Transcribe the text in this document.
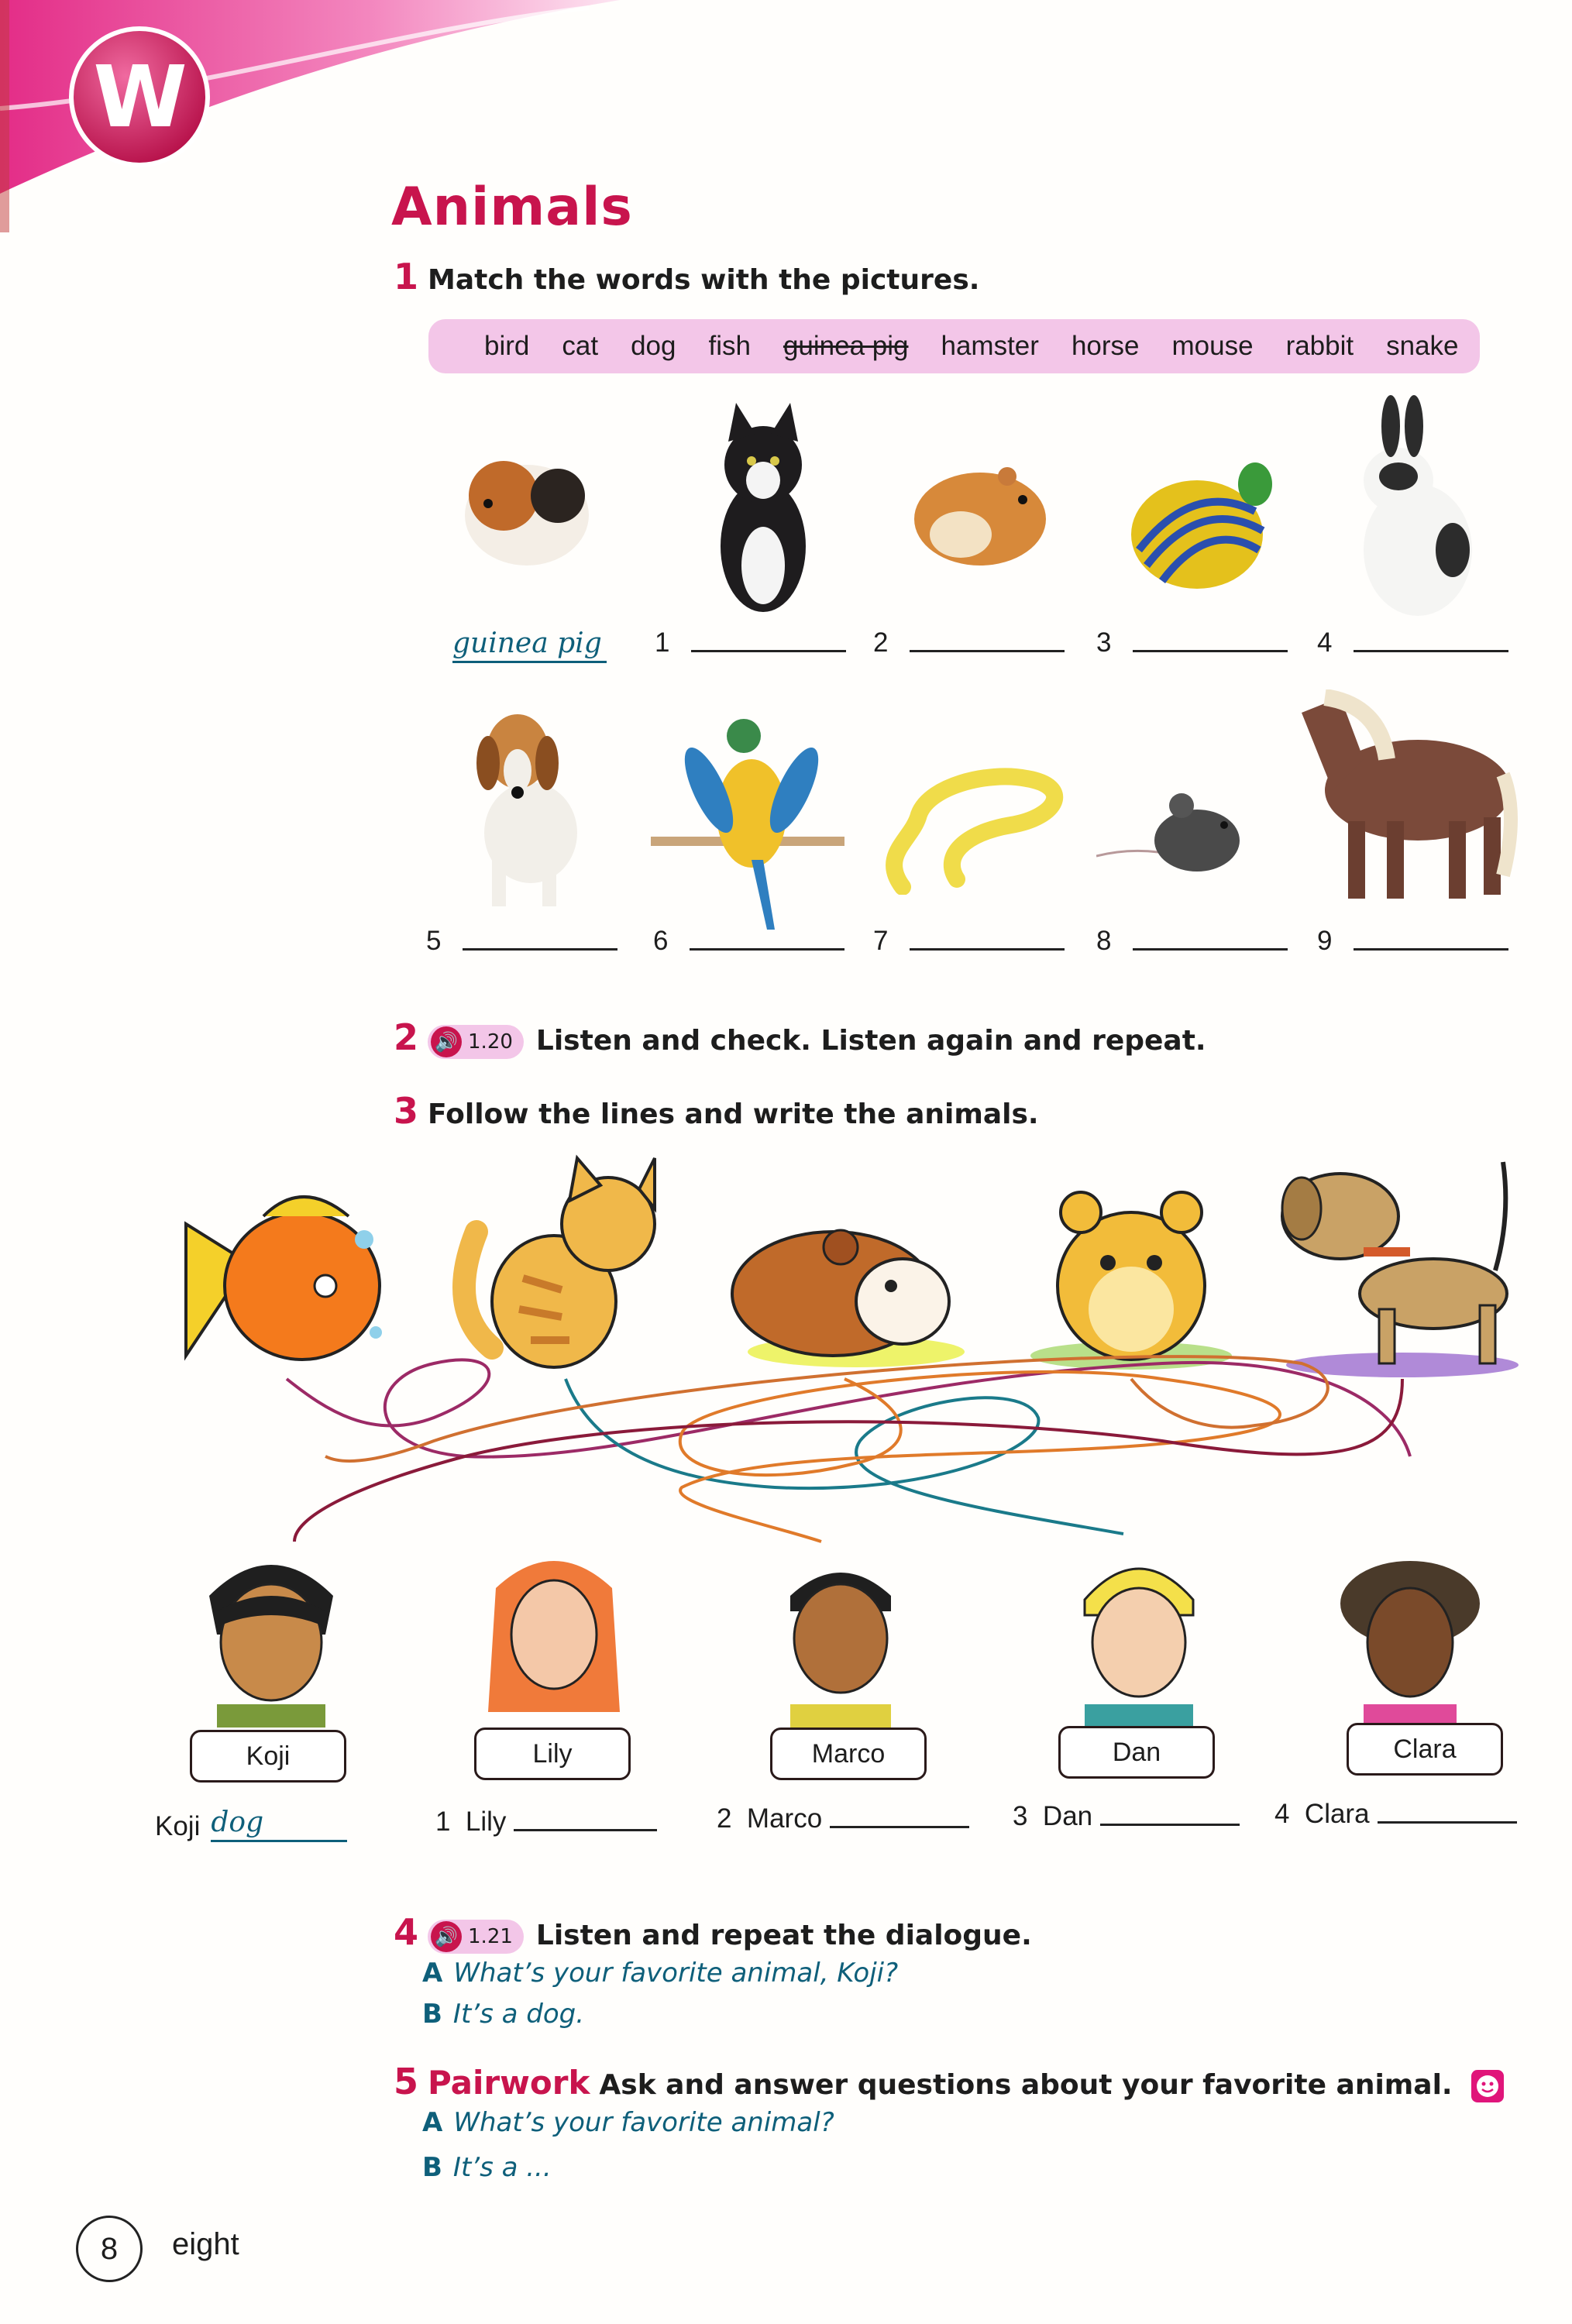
W
Animals
1 Match the words with the pictures.
bird cat dog fish guinea pig hamster horse mouse rabbit snake
guinea pig 1	2	3	4
5	6	7	8	9
2 🔊 1.20 Listen and check. Listen again and repeat.
3 Follow the lines and write the animals.
Koji	Lily	Marco	Dan	Clara
Koji dog	1  Lily	2  Marco	3  Dan	4  Clara
4 🔊 1.21 Listen and repeat the dialogue.
A What’s your favorite animal, Koji?
B It’s a dog.
5 Pairwork Ask and answer questions about your favorite animal.
A What’s your favorite animal?
B It’s a ...
8	eight
